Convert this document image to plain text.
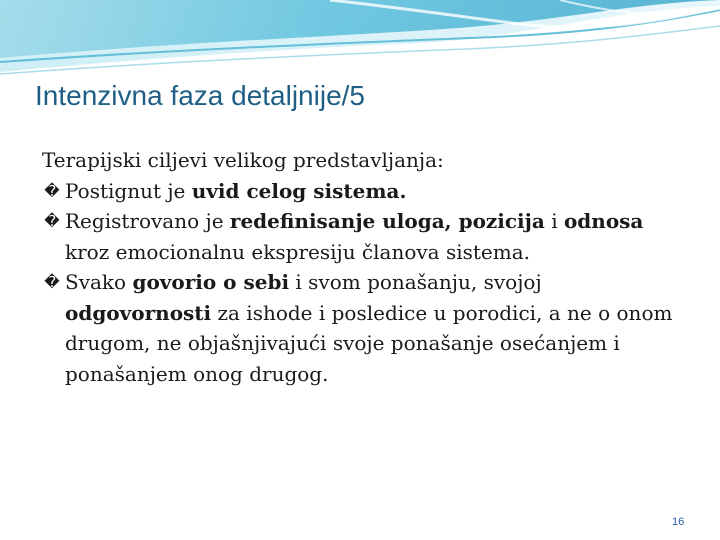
Intenzivna faza detaljnije/5
Terapijski ciljevi velikog predstavljanja:
� Postignut je uvid celog sistema.
� Registrovano je redefinisanje uloga, pozicija i odnosa kroz emocionalnu ekspresiju članova sistema.
� Svako govorio o sebi i svom ponašanju, svojoj odgovornosti za ishode i posledice u porodici, a ne o onom drugom, ne objašnjivajući svoje ponašanje osećanjem i ponašanjem onog drugog.
16
